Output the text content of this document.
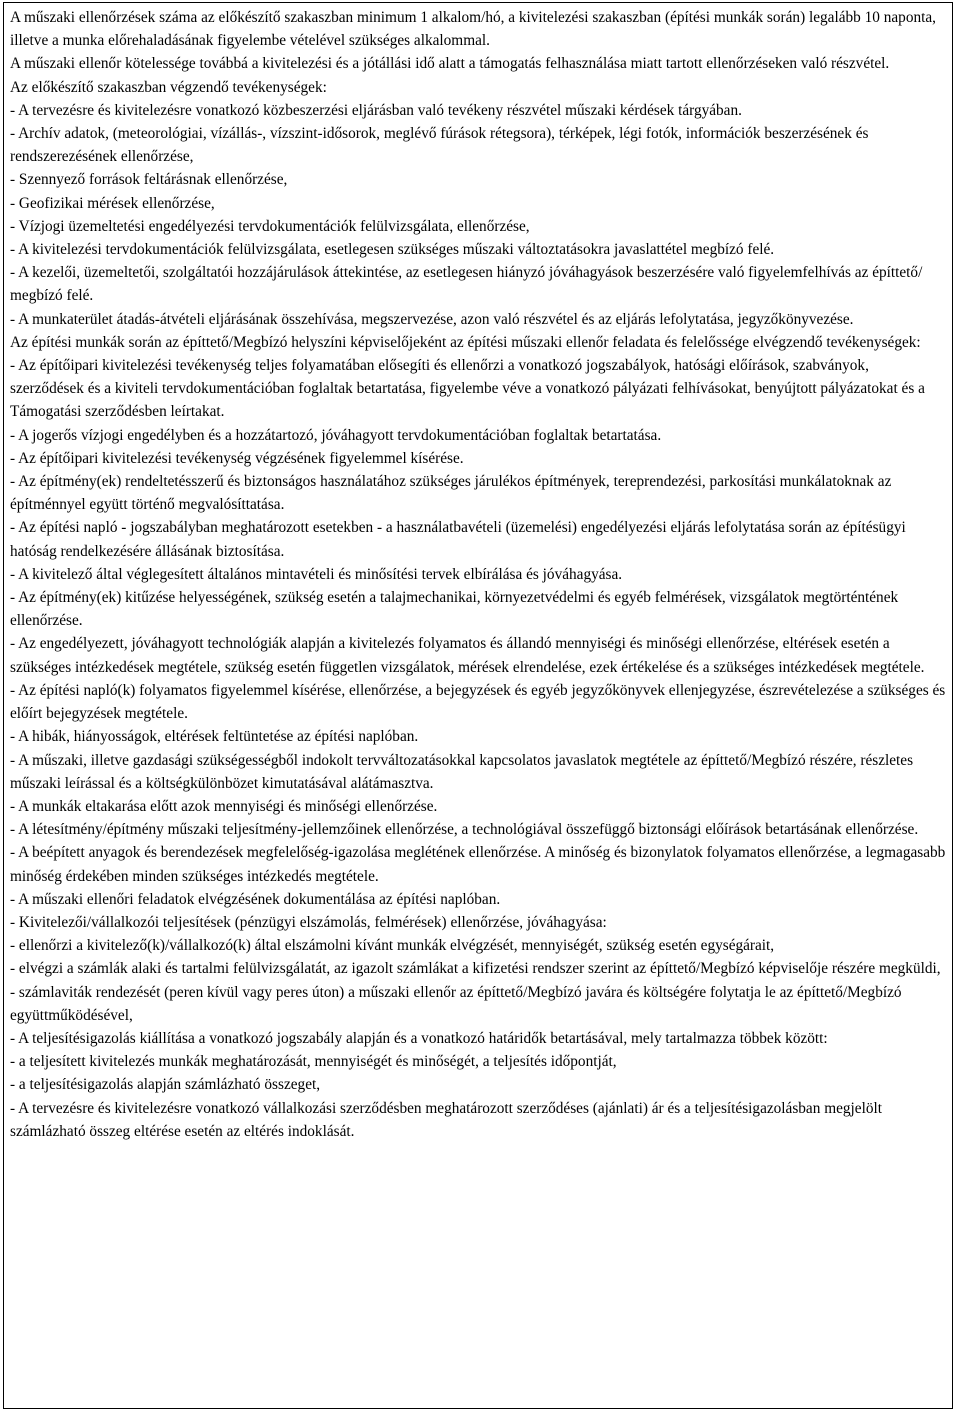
A műszaki ellenőrzések száma az előkészítő szakaszban minimum 1 alkalom/hó, a kivitelezési szakaszban (építési munkák során) legalább 10 naponta, illetve a munka előrehaladásának figyelembe vételével szükséges alkalommal.

A műszaki ellenőr kötelessége továbbá a kivitelezési és a jótállási idő alatt a támogatás felhasználása miatt tartott ellenőrzéseken való részvétel.

Az előkészítő szakaszban végzendő tevékenységek:

- A tervezésre és kivitelezésre vonatkozó közbeszerzési eljárásban való tevékeny részvétel műszaki kérdések tárgyában.

- Archív adatok, (meteorológiai, vízállás-, vízszint-idősorok, meglévő fúrások rétegsora), térképek, légi fotók, információk beszerzésének és rendszerezésének ellenőrzése,

- Szennyező források feltárásnak ellenőrzése,

- Geofizikai mérések ellenőrzése,

- Vízjogi üzemeltetési engedélyezési tervdokumentációk felülvizsgálata, ellenőrzése,

- A kivitelezési tervdokumentációk felülvizsgálata, esetlegesen szükséges műszaki változtatásokra javaslattétel megbízó felé.

- A kezelői, üzemeltetői, szolgáltatói hozzájárulások áttekintése, az esetlegesen hiányzó jóváhagyások beszerzésére való figyelemfelhívás az építtető/ megbízó felé.

- A munkaterület átadás-átvételi eljárásának összehívása, megszervezése, azon való részvétel és az eljárás lefolytatása, jegyzőkönyvezése.

Az építési munkák során az építtető/Megbízó helyszíni képviselőjeként az építési műszaki ellenőr feladata és felelőssége elvégzendő tevékenységek:

- Az építőipari kivitelezési tevékenység teljes folyamatában elősegíti és ellenőrzi a vonatkozó jogszabályok, hatósági előírások, szabványok, szerződések és a kiviteli tervdokumentációban foglaltak betartatása, figyelembe véve a vonatkozó pályázati felhívásokat, benyújtott pályázatokat és a Támogatási szerződésben leírtakat.

- A jogerős vízjogi engedélyben és a hozzátartozó, jóváhagyott tervdokumentációban foglaltak betartatása.

- Az építőipari kivitelezési tevékenység végzésének figyelemmel kísérése.

- Az építmény(ek) rendeltetésszerű és biztonságos használatához szükséges járulékos építmények, tereprendezési, parkosítási munkálatoknak az építménnyel együtt történő megvalósíttatása.

- Az építési napló - jogszabályban meghatározott esetekben - a használatbavételi (üzemelési) engedélyezési eljárás lefolytatása során az építésügyi hatóság rendelkezésére állásának biztosítása.

- A kivitelező által véglegesített általános mintavételi és minősítési tervek elbírálása és jóváhagyása.

- Az építmény(ek) kitűzése helyességének, szükség esetén a talajmechanikai, környezetvédelmi és egyéb felmérések, vizsgálatok megtörténtének ellenőrzése.

- Az engedélyezett, jóváhagyott technológiák alapján a kivitelezés folyamatos és állandó mennyiségi és minőségi ellenőrzése, eltérések esetén a szükséges intézkedések megtétele, szükség esetén független vizsgálatok, mérések elrendelése, ezek értékelése és a szükséges intézkedések megtétele.

- Az építési napló(k) folyamatos figyelemmel kísérése, ellenőrzése, a bejegyzések és egyéb jegyzőkönyvek ellenjegyzése, észrevételezése a szükséges és előírt bejegyzések megtétele.

- A hibák, hiányosságok, eltérések feltüntetése az építési naplóban.

- A műszaki, illetve gazdasági szükségességből indokolt tervváltozatásokkal kapcsolatos javaslatok megtétele az építtető/Megbízó részére, részletes műszaki leírással és a költségkülönbözet kimutatásával alátámasztva.

- A munkák eltakarása előtt azok mennyiségi és minőségi ellenőrzése.

- A létesítmény/építmény műszaki teljesítmény-jellemzőinek ellenőrzése, a technológiával összefüggő biztonsági előírások betartásának ellenőrzése.

- A beépített anyagok és berendezések megfelelőség-igazolása meglétének ellenőrzése. A minőség és bizonylatok folyamatos ellenőrzése, a legmagasabb minőség érdekében minden szükséges intézkedés megtétele.

- A műszaki ellenőri feladatok elvégzésének dokumentálása az építési naplóban.

- Kivitelezői/vállalkozói teljesítések (pénzügyi elszámolás, felmérések) ellenőrzése, jóváhagyása:

- ellenőrzi a kivitelező(k)/vállalkozó(k) által elszámolni kívánt munkák elvégzését, mennyiségét, szükség esetén egységárait,

- elvégzi a számlák alaki és tartalmi felülvizsgálatát, az igazolt számlákat a kifizetési rendszer szerint az építtető/Megbízó képviselője részére megküldi,

- számlaviták rendezését (peren kívül vagy peres úton) a műszaki ellenőr az építtető/Megbízó javára és költségére folytatja le az építtető/Megbízó együttműködésével,

- A teljesítésigazolás kiállítása a vonatkozó jogszabály alapján és a vonatkozó határidők betartásával, mely tartalmazza többek között:

- a teljesített kivitelezés munkák meghatározását, mennyiségét és minőségét, a teljesítés időpontját,

- a teljesítésigazolás alapján számlázható összeget,

- A tervezésre és kivitelezésre vonatkozó vállalkozási szerződésben meghatározott szerződéses (ajánlati) ár és a teljesítésigazolásban megjelölt számlázható összeg eltérése esetén az eltérés indoklását.
